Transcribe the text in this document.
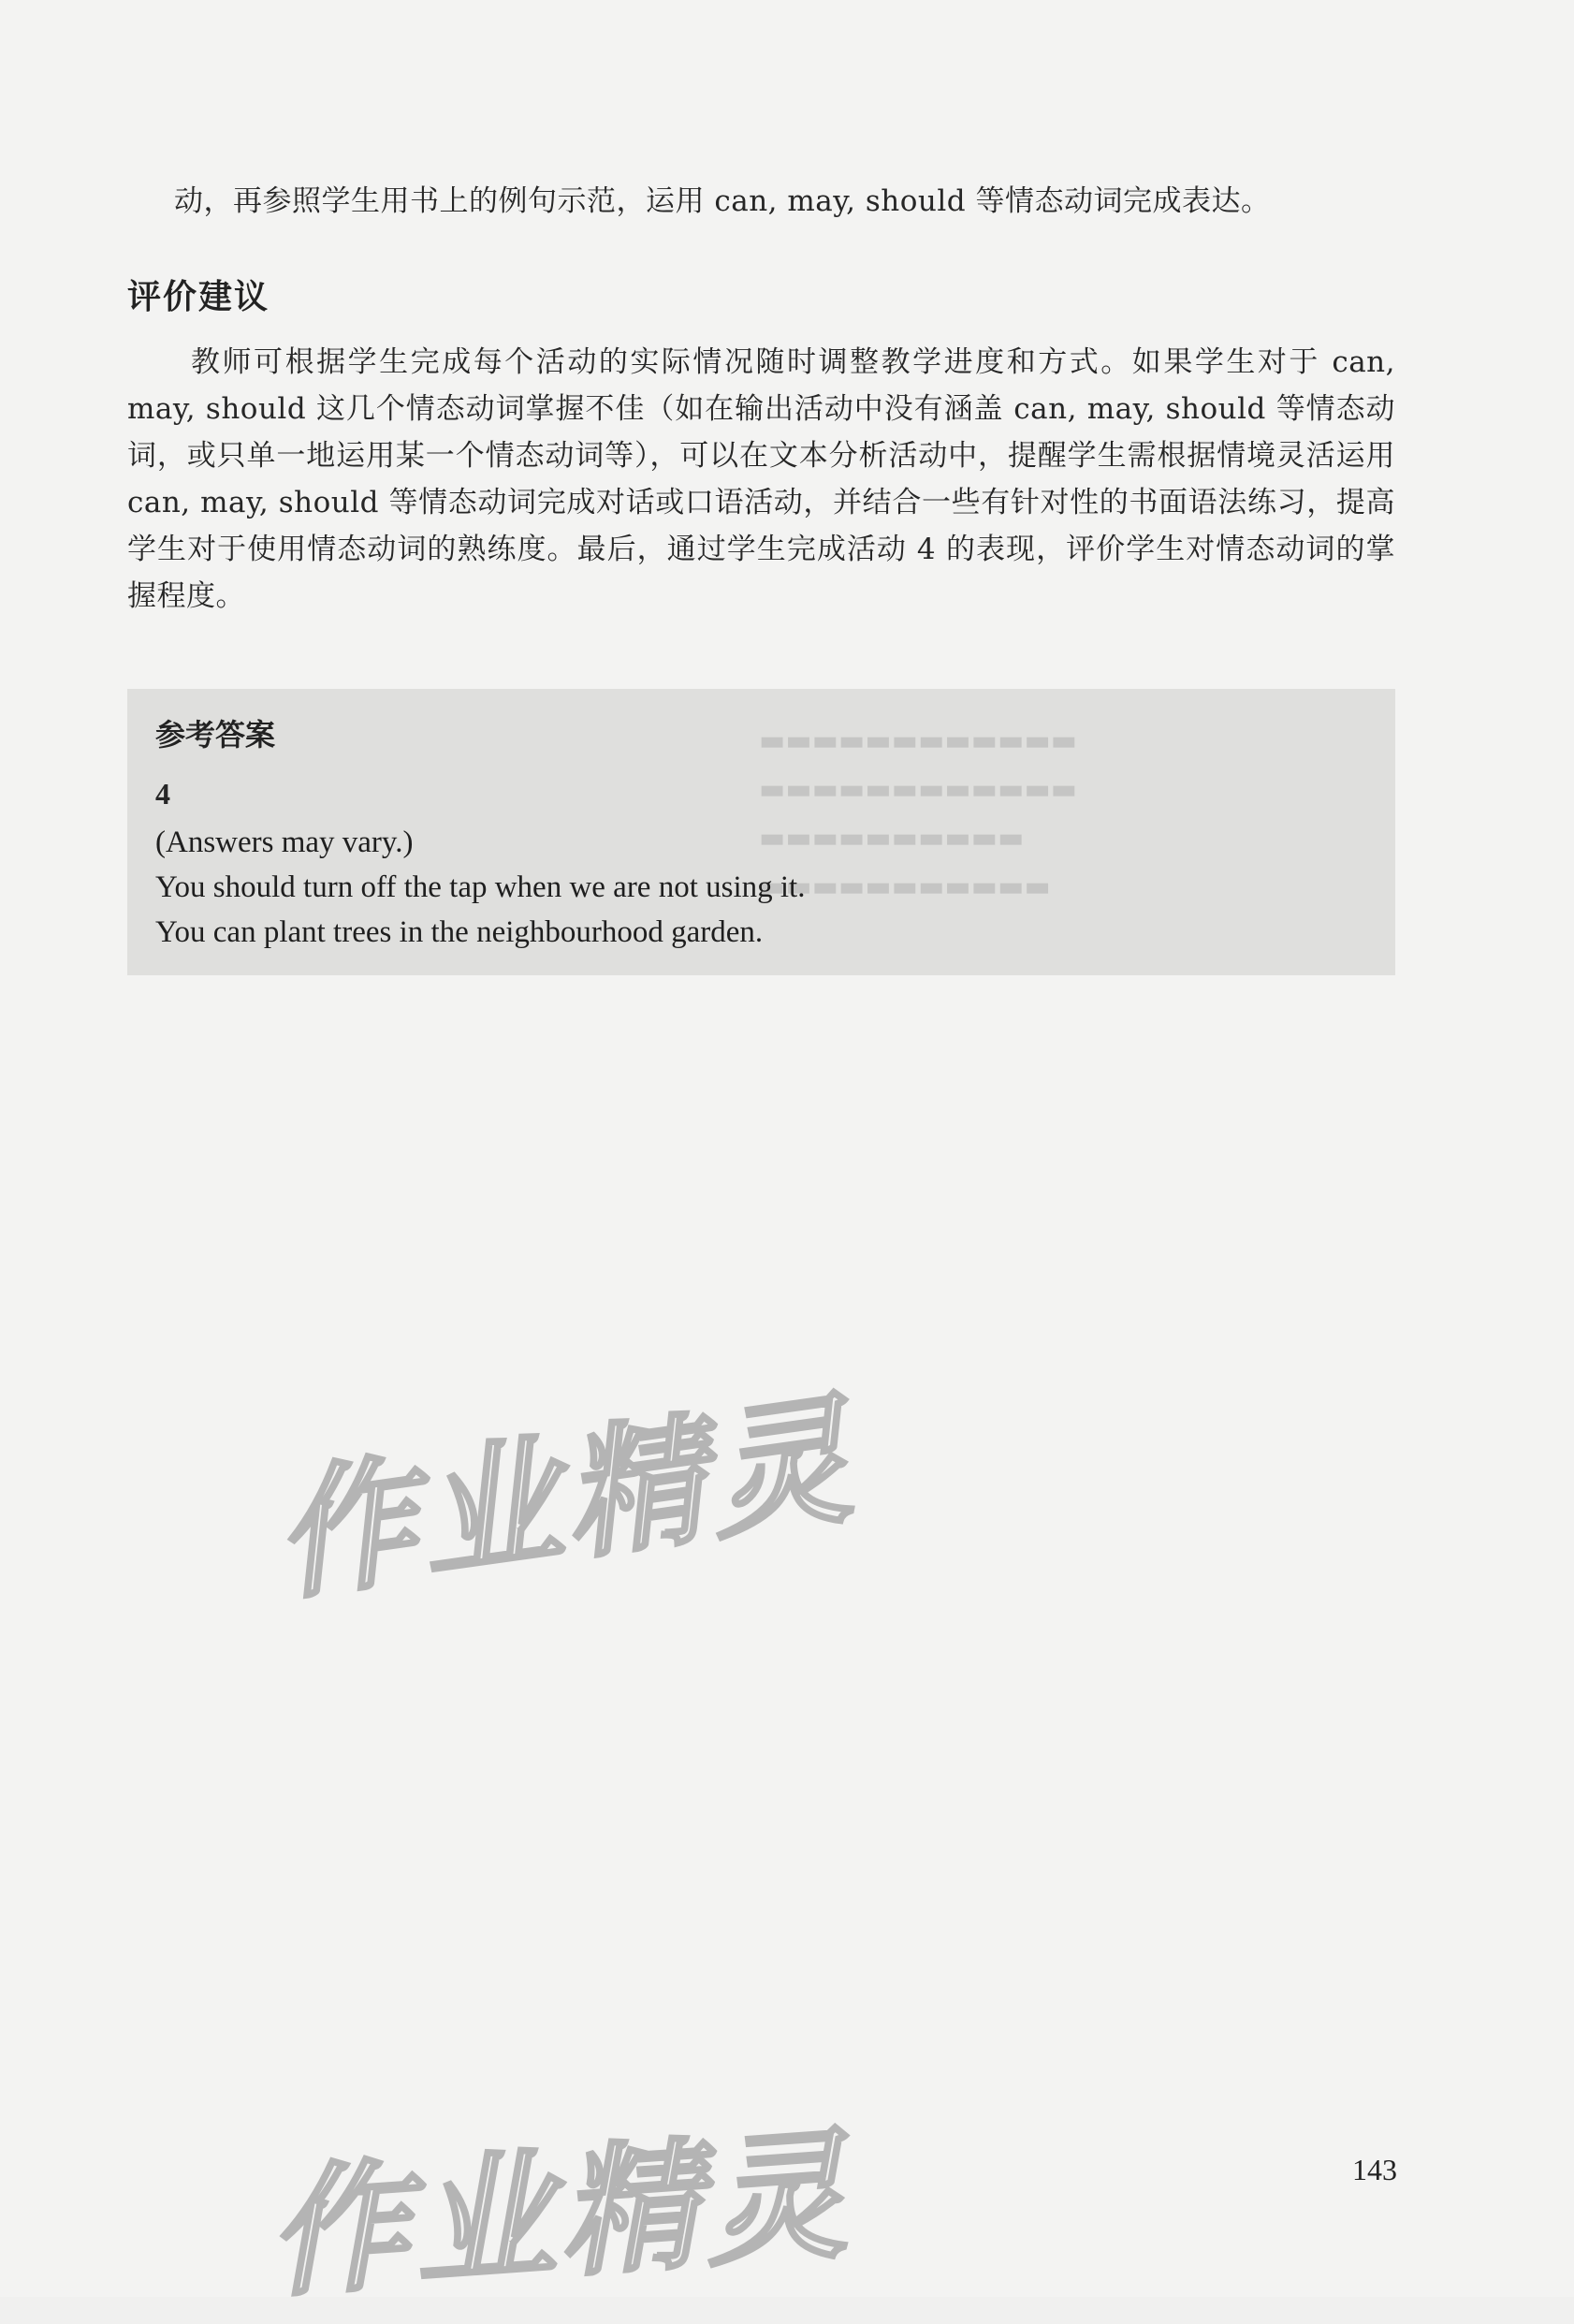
动，再参照学生用书上的例句示范，运用 can, may, should 等情态动词完成表达。
评价建议
教师可根据学生完成每个活动的实际情况随时调整教学进度和方式。如果学生对于 can, may, should 这几个情态动词掌握不佳（如在输出活动中没有涵盖 can, may, should 等情态动词，或只单一地运用某一个情态动词等），可以在文本分析活动中，提醒学生需根据情境灵活运用 can, may, should 等情态动词完成对话或口语活动，并结合一些有针对性的书面语法练习，提高学生对于使用情态动词的熟练度。最后，通过学生完成活动 4 的表现，评价学生对情态动词的掌握程度。
▬▬▬▬▬▬▬▬▬▬▬▬
▬▬▬▬▬▬▬▬▬▬▬▬
▬▬▬▬▬▬▬▬▬▬
▬▬▬▬▬▬▬▬▬▬▬
参考答案
4
(Answers may vary.)
You should turn off the tap when we are not using it.
You can plant trees in the neighbourhood garden.
作业精灵
作业精灵	143
